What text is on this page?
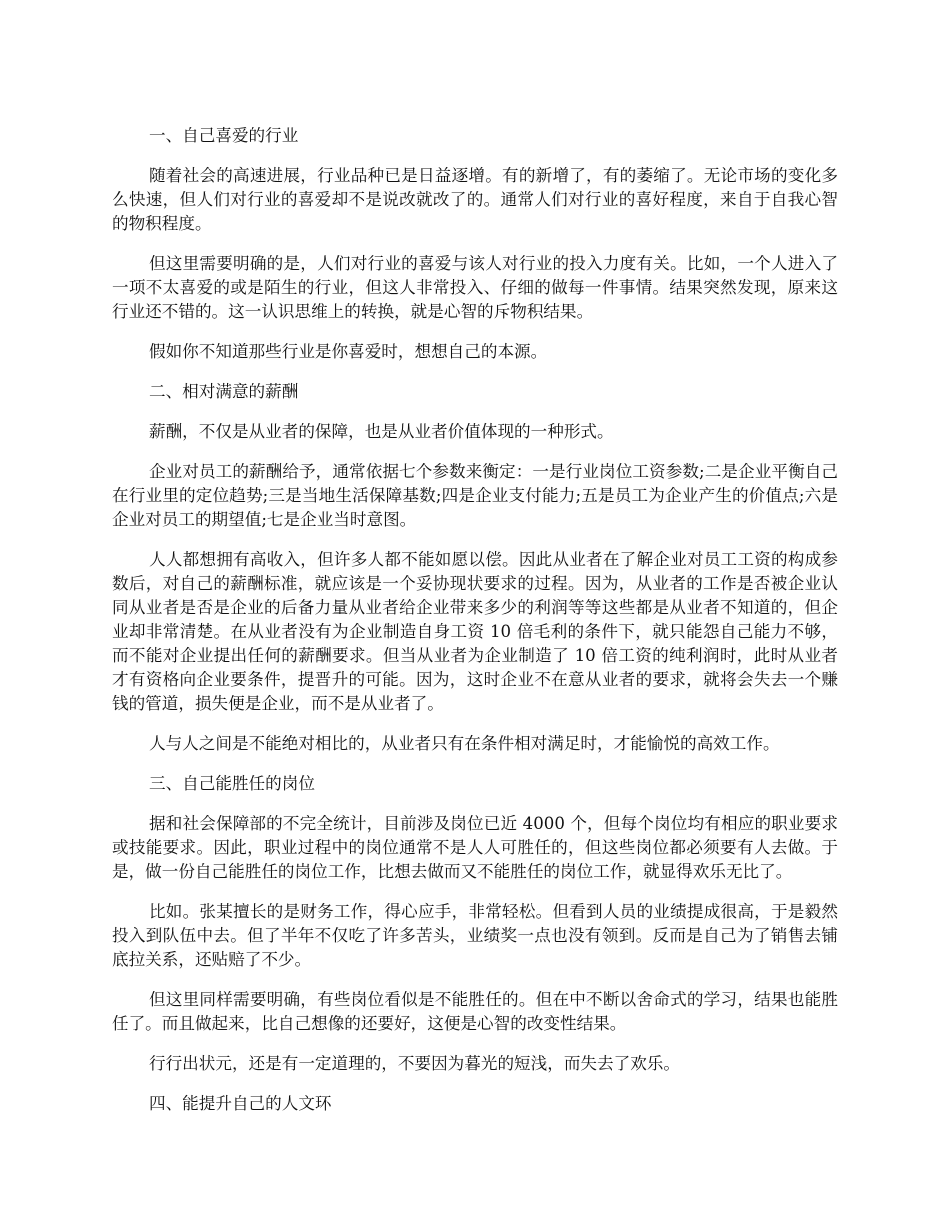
一、自己喜爱的行业

随着社会的高速进展，行业品种已是日益逐增。有的新增了，有的萎缩了。无论市场的变化多么快速，但人们对行业的喜爱却不是说改就改了的。通常人们对行业的喜好程度，来自于自我心智的物积程度。

但这里需要明确的是，人们对行业的喜爱与该人对行业的投入力度有关。比如，一个人进入了一项不太喜爱的或是陌生的行业，但这人非常投入、仔细的做每一件事情。结果突然发现，原来这行业还不错的。这一认识思维上的转换，就是心智的斥物积结果。

假如你不知道那些行业是你喜爱时，想想自己的本源。

二、相对满意的薪酬

薪酬，不仅是从业者的保障，也是从业者价值体现的一种形式。

企业对员工的薪酬给予，通常依据七个参数来衡定：一是行业岗位工资参数;二是企业平衡自己在行业里的定位趋势;三是当地生活保障基数;四是企业支付能力;五是员工为企业产生的价值点;六是企业对员工的期望值;七是企业当时意图。

人人都想拥有高收入，但许多人都不能如愿以偿。因此从业者在了解企业对员工工资的构成参数后，对自己的薪酬标准，就应该是一个妥协现状要求的过程。因为，从业者的工作是否被企业认同从业者是否是企业的后备力量从业者给企业带来多少的利润等等这些都是从业者不知道的，但企业却非常清楚。在从业者没有为企业制造自身工资 10 倍毛利的条件下，就只能怨自己能力不够，而不能对企业提出任何的薪酬要求。但当从业者为企业制造了 10 倍工资的纯利润时，此时从业者才有资格向企业要条件，提晋升的可能。因为，这时企业不在意从业者的要求，就将会失去一个赚钱的管道，损失便是企业，而不是从业者了。

人与人之间是不能绝对相比的，从业者只有在条件相对满足时，才能愉悦的高效工作。

三、自己能胜任的岗位

据和社会保障部的不完全统计，目前涉及岗位已近 4000 个，但每个岗位均有相应的职业要求或技能要求。因此，职业过程中的岗位通常不是人人可胜任的，但这些岗位都必须要有人去做。于是，做一份自己能胜任的岗位工作，比想去做而又不能胜任的岗位工作，就显得欢乐无比了。

比如。张某擅长的是财务工作，得心应手，非常轻松。但看到人员的业绩提成很高，于是毅然投入到队伍中去。但了半年不仅吃了许多苦头，业绩奖一点也没有领到。反而是自己为了销售去铺底拉关系，还贴赔了不少。

但这里同样需要明确，有些岗位看似是不能胜任的。但在中不断以舍命式的学习，结果也能胜任了。而且做起来，比自己想像的还要好，这便是心智的改变性结果。

行行出状元，还是有一定道理的，不要因为暮光的短浅，而失去了欢乐。

四、能提升自己的人文环
